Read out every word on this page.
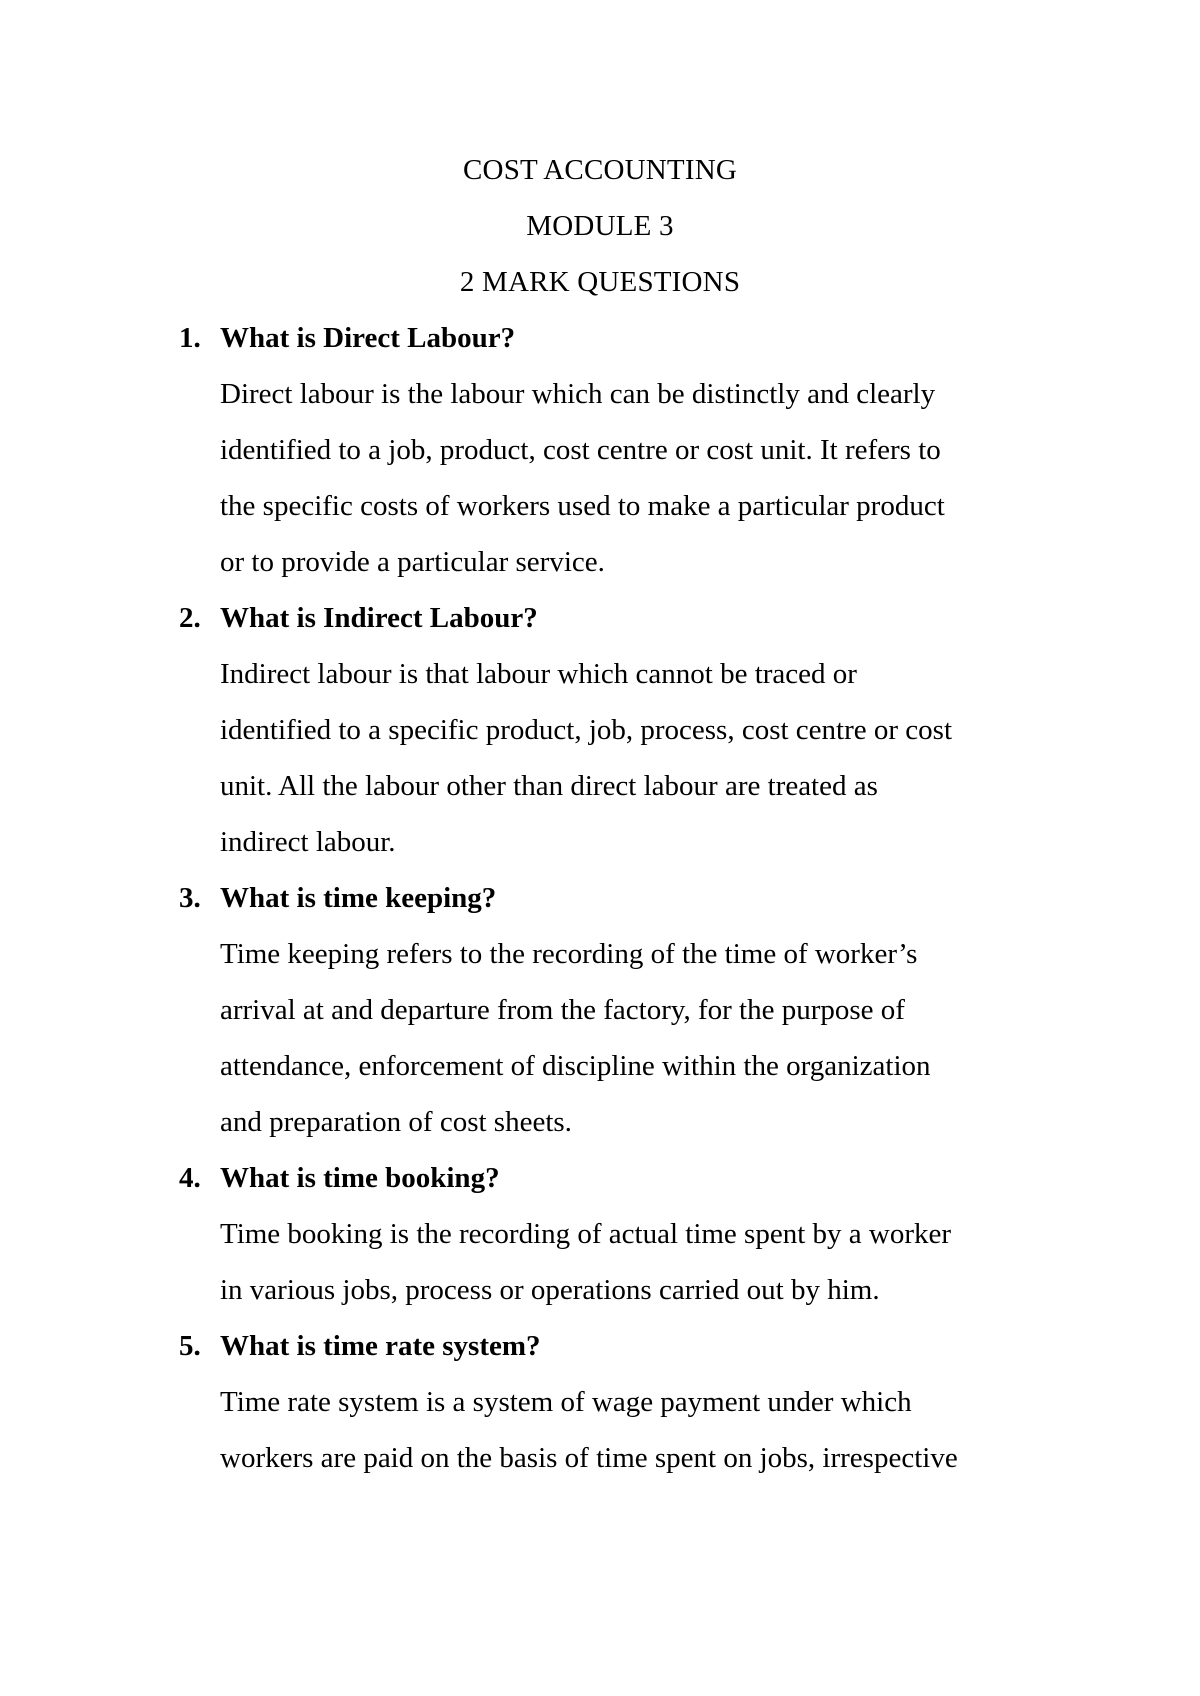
COST ACCOUNTING
MODULE 3
2 MARK QUESTIONS
1. What is Direct Labour?
Direct labour is the labour which can be distinctly and clearly
identified to a job, product, cost centre or cost unit. It refers to
the specific costs of workers used to make a particular product
or to provide a particular service.
2. What is Indirect Labour?
Indirect labour is that labour which cannot be traced or
identified to a specific product, job, process, cost centre or cost
unit. All the labour other than direct labour are treated as
indirect labour.
3. What is time keeping?
Time keeping refers to the recording of the time of worker’s
arrival at and departure from the factory, for the purpose of
attendance, enforcement of discipline within the organization
and preparation of cost sheets.
4. What is time booking?
Time booking is the recording of actual time spent by a worker
in various jobs, process or operations carried out by him.
5. What is time rate system?
Time rate system is a system of wage payment under which
workers are paid on the basis of time spent on jobs, irrespective
